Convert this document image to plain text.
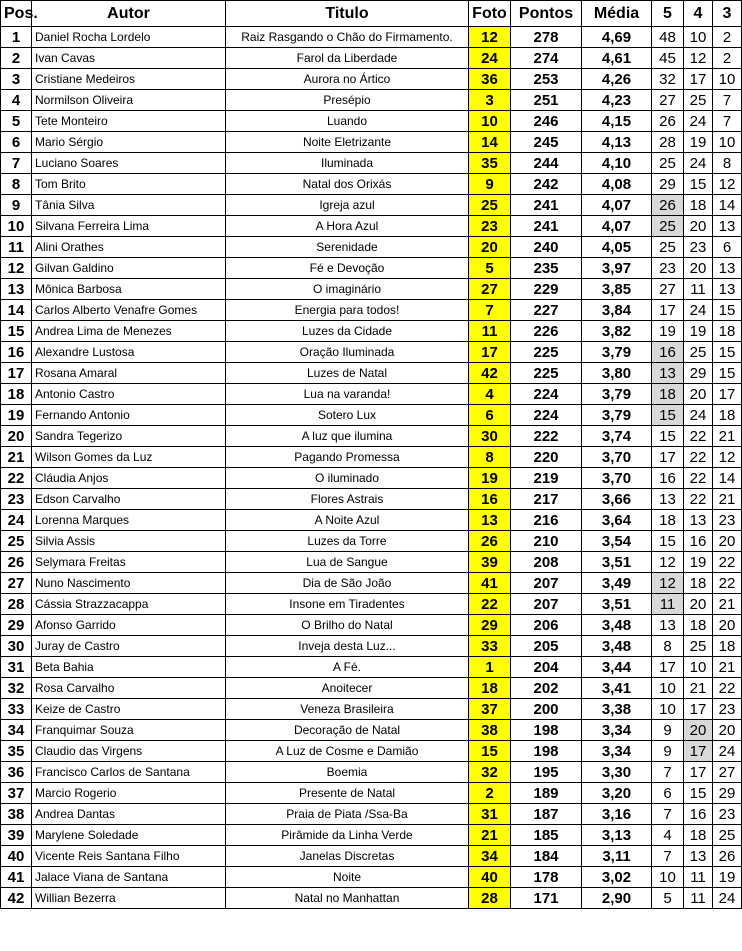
Pos.	Autor	Titulo	Foto	Pontos	Média	5	4	3
1	Daniel Rocha Lordelo	Raiz Rasgando o Chão do Firmamento.	12	278	4,69	48	10	2
2	Ivan Cavas	Farol da Liberdade	24	274	4,61	45	12	2
3	Cristiane Medeiros	Aurora no Ártico	36	253	4,26	32	17	10
4	Normilson Oliveira	Presépio	3	251	4,23	27	25	7
5	Tete Monteiro	Luando	10	246	4,15	26	24	7
6	Mario Sérgio	Noite Eletrizante	14	245	4,13	28	19	10
7	Luciano Soares	Iluminada	35	244	4,10	25	24	8
8	Tom Brito	Natal dos Orixás	9	242	4,08	29	15	12
9	Tânia Silva	Igreja azul	25	241	4,07	26	18	14
10	Silvana Ferreira Lima	A Hora Azul	23	241	4,07	25	20	13
11	Alini Orathes	Serenidade	20	240	4,05	25	23	6
12	Gilvan Galdino	Fé e Devoção	5	235	3,97	23	20	13
13	Mônica Barbosa	O imaginário	27	229	3,85	27	11	13
14	Carlos Alberto Venafre Gomes	Energia para todos!	7	227	3,84	17	24	15
15	Andrea Lima de Menezes	Luzes da Cidade	11	226	3,82	19	19	18
16	Alexandre Lustosa	Oração Iluminada	17	225	3,79	16	25	15
17	Rosana Amaral	Luzes de Natal	42	225	3,80	13	29	15
18	Antonio Castro	Lua na varanda!	4	224	3,79	18	20	17
19	Fernando Antonio	Sotero Lux	6	224	3,79	15	24	18
20	Sandra Tegerizo	A luz que ilumina	30	222	3,74	15	22	21
21	Wilson Gomes da Luz	Pagando Promessa	8	220	3,70	17	22	12
22	Cláudia Anjos	O iluminado	19	219	3,70	16	22	14
23	Edson Carvalho	Flores Astrais	16	217	3,66	13	22	21
24	Lorenna Marques	A Noite Azul	13	216	3,64	18	13	23
25	Silvia Assis	Luzes da Torre	26	210	3,54	15	16	20
26	Selymara Freitas	Lua de Sangue	39	208	3,51	12	19	22
27	Nuno Nascimento	Dia de São João	41	207	3,49	12	18	22
28	Cássia Strazzacappa	Insone em Tiradentes	22	207	3,51	11	20	21
29	Afonso Garrido	O Brilho do Natal	29	206	3,48	13	18	20
30	Juray de Castro	Inveja desta Luz...	33	205	3,48	8	25	18
31	Beta Bahia	A Fé.	1	204	3,44	17	10	21
32	Rosa Carvalho	Anoitecer	18	202	3,41	10	21	22
33	Keize de Castro	Veneza Brasileira	37	200	3,38	10	17	23
34	Franquimar Souza	Decoração de Natal	38	198	3,34	9	20	20
35	Claudio das Virgens	A Luz de Cosme e Damião	15	198	3,34	9	17	24
36	Francisco Carlos de Santana	Boemia	32	195	3,30	7	17	27
37	Marcio Rogerio	Presente de Natal	2	189	3,20	6	15	29
38	Andrea Dantas	Praia de Piata /Ssa-Ba	31	187	3,16	7	16	23
39	Marylene Soledade	Pirâmide da Linha Verde	21	185	3,13	4	18	25
40	Vicente Reis Santana Filho	Janelas Discretas	34	184	3,11	7	13	26
41	Jalace Viana de Santana	Noite	40	178	3,02	10	11	19
42	Willian Bezerra	Natal no Manhattan	28	171	2,90	5	11	24
